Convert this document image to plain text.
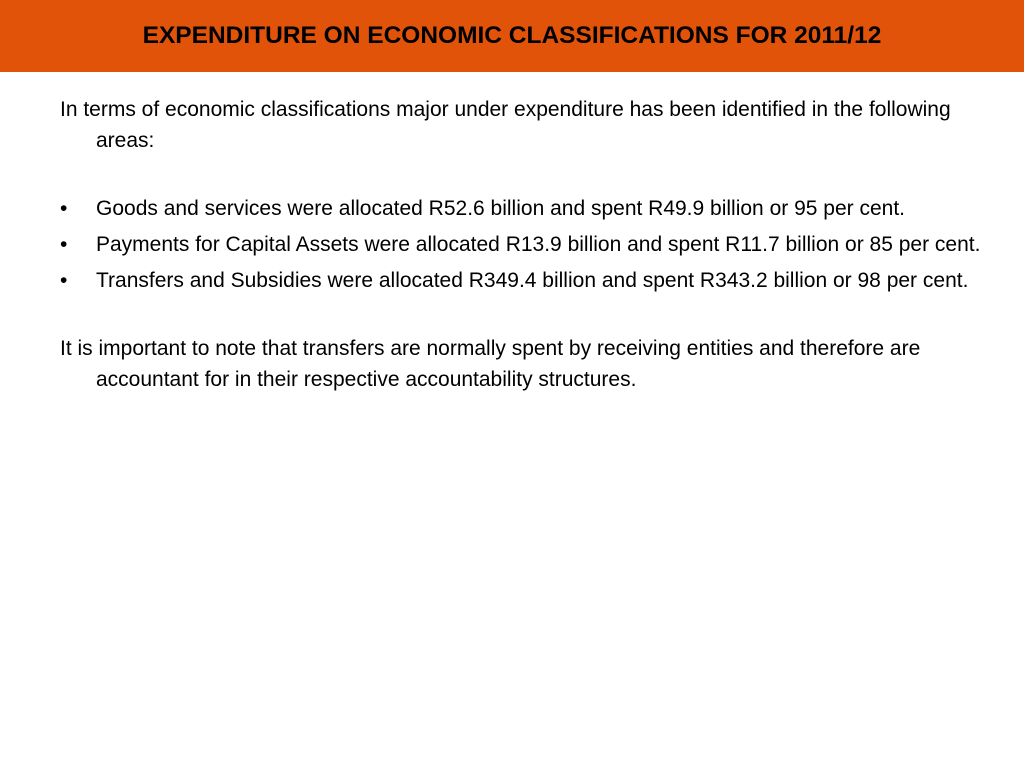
EXPENDITURE ON ECONOMIC CLASSIFICATIONS FOR 2011/12

In terms of economic classifications major under expenditure has been identified in the following areas:

• Goods and services were allocated R52.6 billion and spent R49.9 billion or 95 per cent.
• Payments for Capital Assets were allocated R13.9 billion and spent R11.7 billion or 85 per cent.
• Transfers and Subsidies were allocated R349.4 billion and spent R343.2 billion or 98 per cent.

It is important to note that transfers are normally spent by receiving entities and therefore are accountant for in their respective accountability structures.
